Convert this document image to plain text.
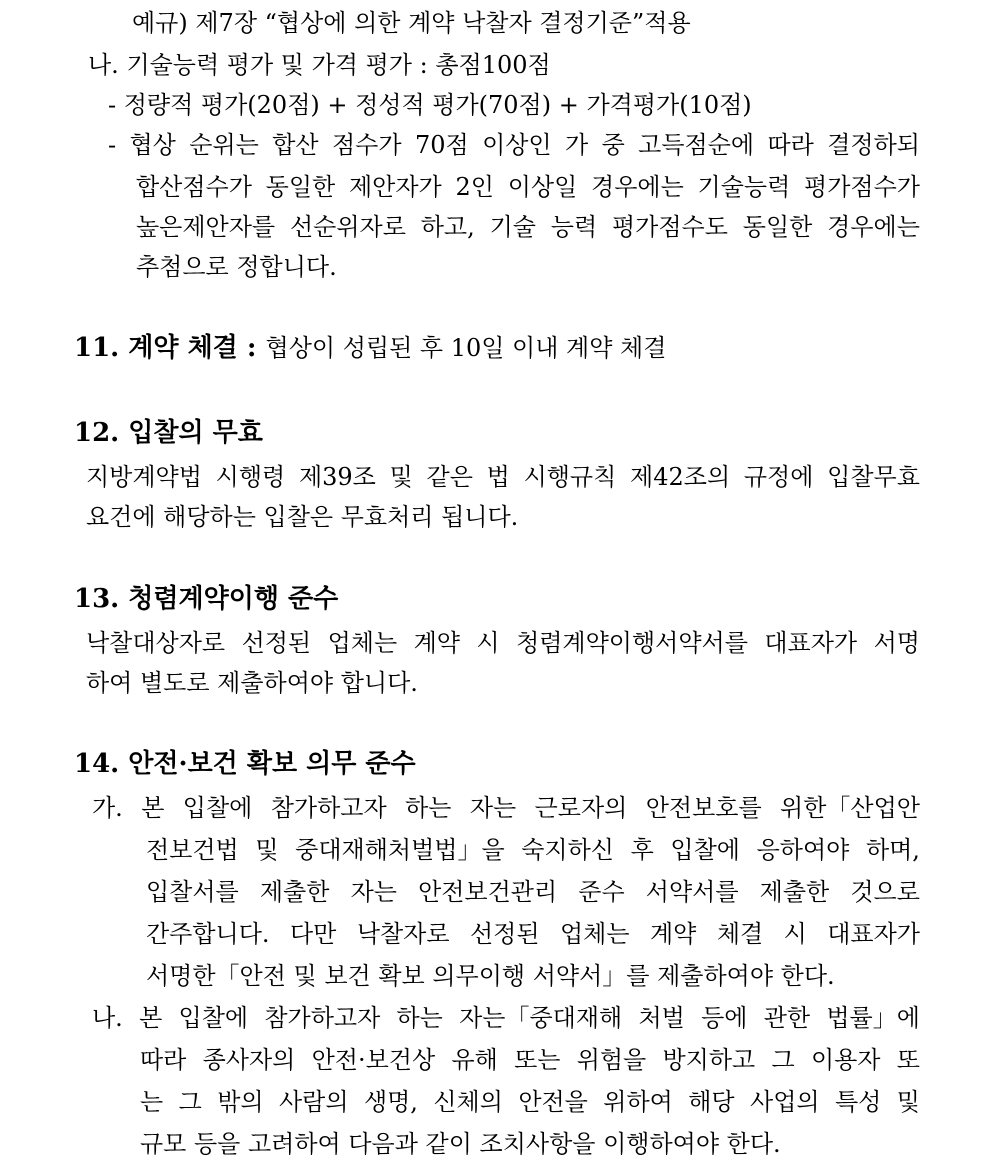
예규) 제7장 “협상에 의한 계약 낙찰자 결정기준”적용
나. 기술능력 평가 및 가격 평가 : 총점100점
- 정량적 평가(20점) + 정성적 평가(70점) + 가격평가(10점)
- 협상 순위는 합산 점수가 70점 이상인 가 중 고득점순에 따라 결정하되
합산점수가 동일한 제안자가 2인 이상일 경우에는 기술능력 평가점수가
높은제안자를 선순위자로 하고, 기술 능력 평가점수도 동일한 경우에는
추첨으로 정합니다.
11. 계약 체결 : 협상이 성립된 후 10일 이내 계약 체결
12. 입찰의 무효
지방계약법 시행령 제39조 및 같은 법 시행규칙 제42조의 규정에 입찰무효
요건에 해당하는 입찰은 무효처리 됩니다.
13. 청렴계약이행 준수
낙찰대상자로 선정된 업체는 계약 시 청렴계약이행서약서를 대표자가 서명
하여 별도로 제출하여야 합니다.
14. 안전·보건 확보 의무 준수
가. 본 입찰에 참가하고자 하는 자는 근로자의 안전보호를 위한「산업안
전보건법 및 중대재해처벌법」을 숙지하신 후 입찰에 응하여야 하며,
입찰서를 제출한 자는 안전보건관리 준수 서약서를 제출한 것으로
간주합니다. 다만 낙찰자로 선정된 업체는 계약 체결 시 대표자가
서명한「안전 및 보건 확보 의무이행 서약서」를 제출하여야 한다.
나. 본 입찰에 참가하고자 하는 자는「중대재해 처벌 등에 관한 법률」에
따라 종사자의 안전·보건상 유해 또는 위험을 방지하고 그 이용자 또
는 그 밖의 사람의 생명, 신체의 안전을 위하여 해당 사업의 특성 및
규모 등을 고려하여 다음과 같이 조치사항을 이행하여야 한다.
